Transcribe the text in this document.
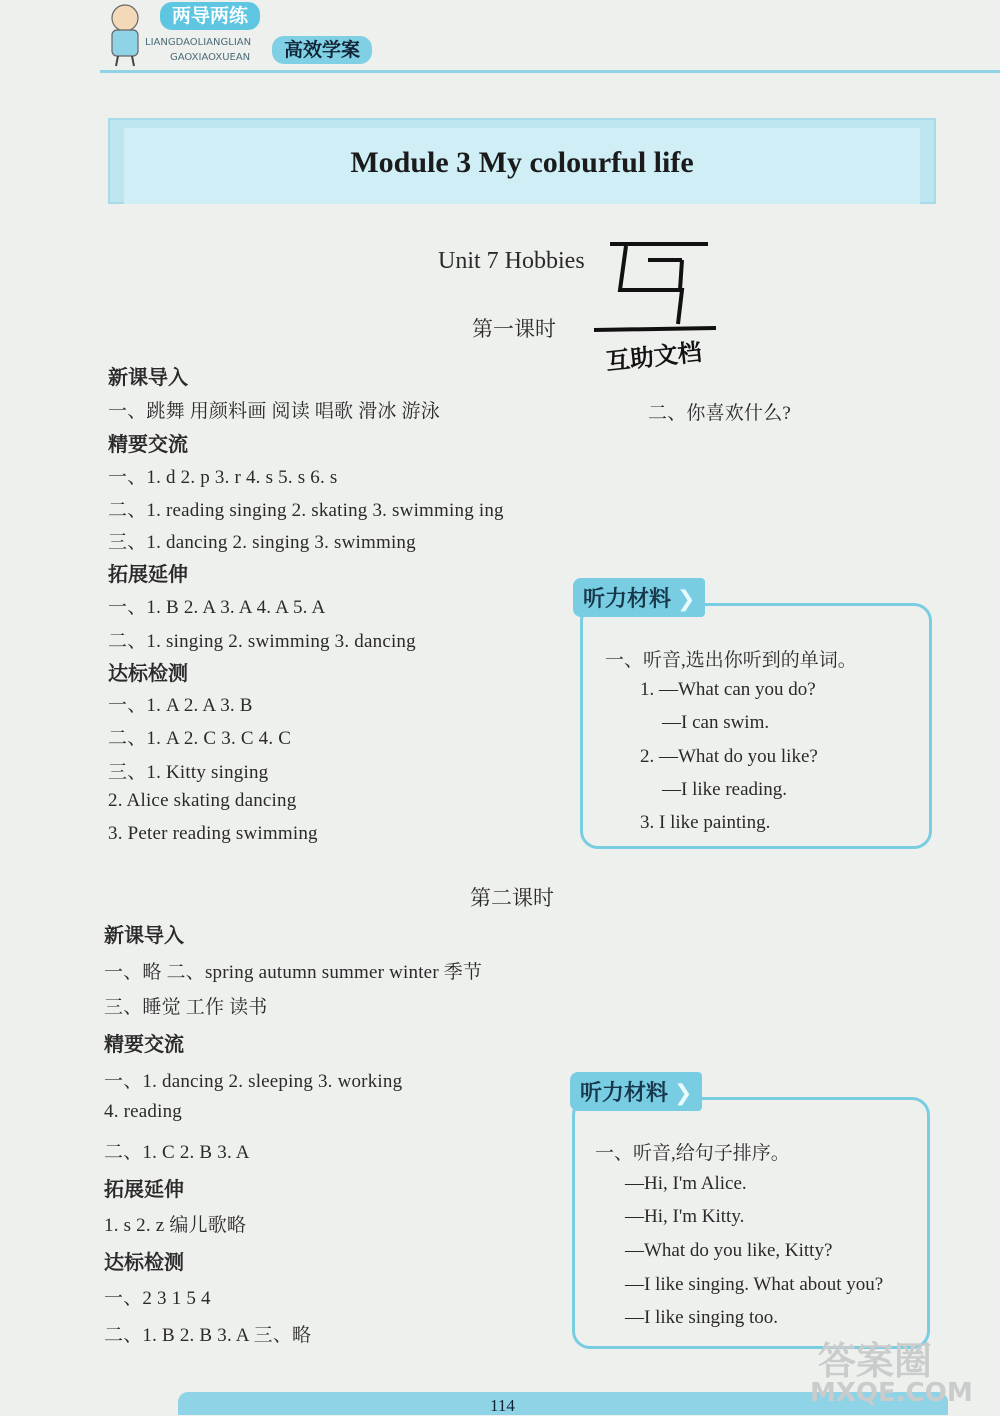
两导两练
LIANGDAOLIANGLIAN
GAOXIAOXUEAN	高效学案
Module 3 My colourful life
Unit 7 Hobbies
互助文档
第一课时
新课导入
一、跳舞 用颜料画 阅读 唱歌 滑冰 游泳	二、你喜欢什么?
精要交流
一、1. d 2. p 3. r 4. s 5. s 6. s
二、1. reading singing 2. skating 3. swimming ing
三、1. dancing 2. singing 3. swimming
拓展延伸
一、1. B 2. A 3. A 4. A 5. A
二、1. singing 2. swimming 3. dancing
达标检测
一、1. A 2. A 3. B
二、1. A 2. C 3. C 4. C
三、1. Kitty singing
2. Alice skating dancing
3. Peter reading swimming
听力材料 ❯
一、听音,选出你听到的单词。
1. —What can you do?
—I can swim.
2. —What do you like?
—I like reading.
3. I like painting.
第二课时
新课导入
一、略 二、spring autumn summer winter 季节
三、睡觉 工作 读书
精要交流
一、1. dancing 2. sleeping 3. working
4. reading
二、1. C 2. B 3. A
拓展延伸
1. s 2. z 编儿歌略
达标检测
一、2 3 1 5 4
二、1. B 2. B 3. A 三、略
听力材料 ❯
一、听音,给句子排序。
—Hi, I'm Alice.
—Hi, I'm Kitty.
—What do you like, Kitty?
—I like singing. What about you?
—I like singing too.
114
答案圈
MXQE.COM
